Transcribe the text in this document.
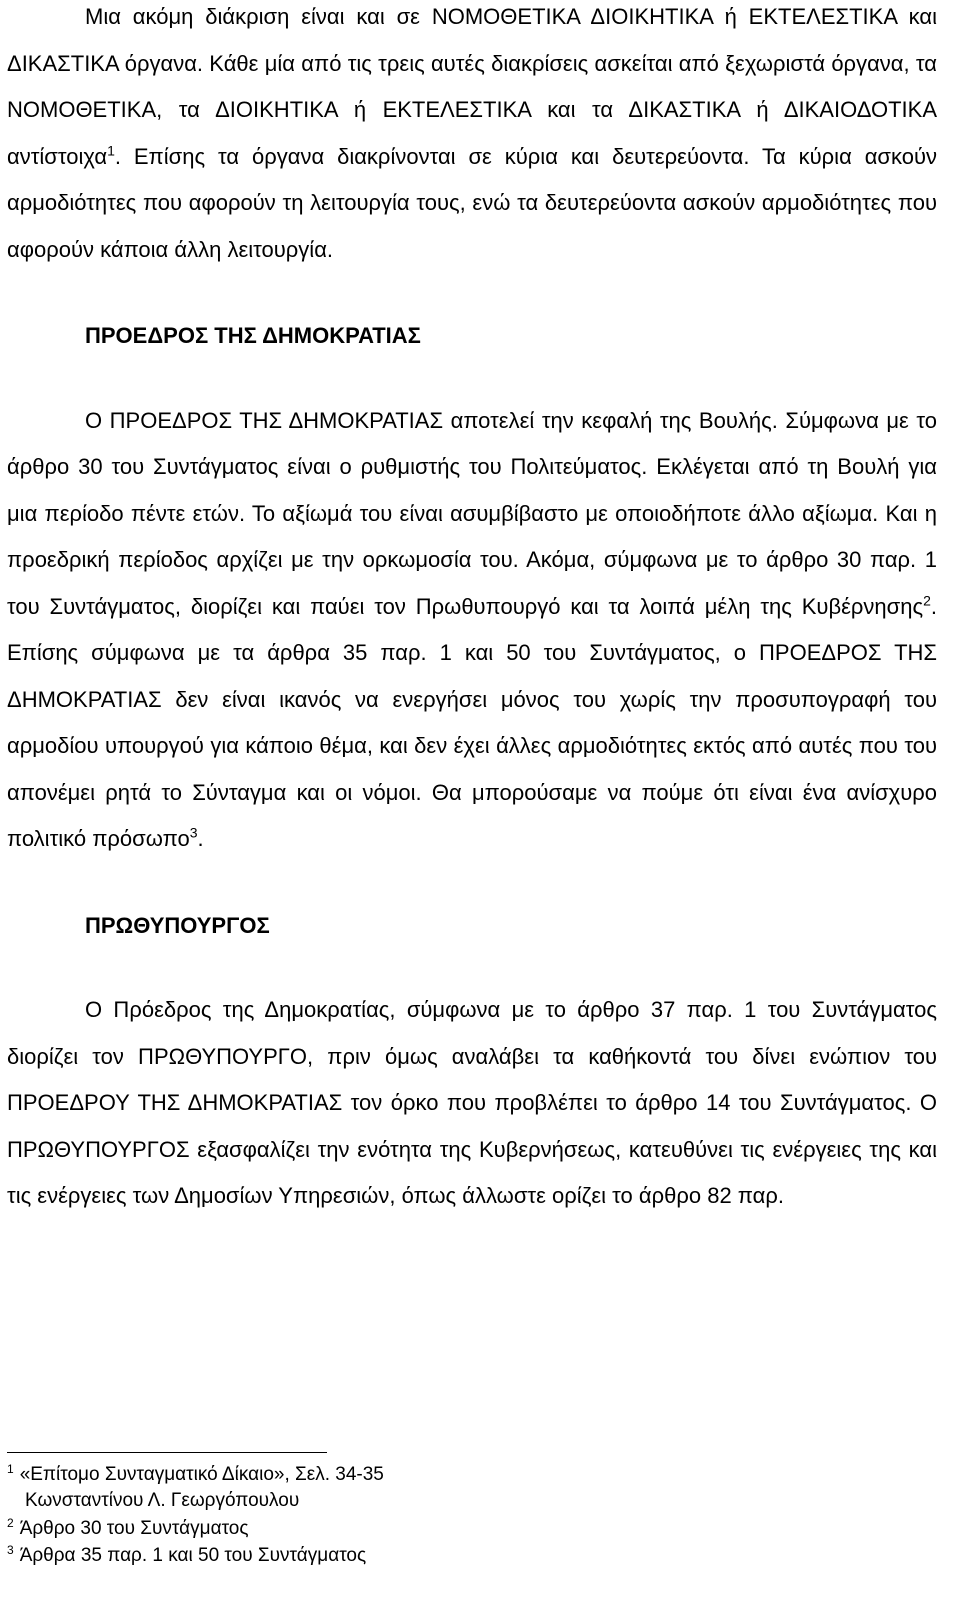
Μια ακόμη διάκριση είναι και σε ΝΟΜΟΘΕΤΙΚΑ ΔΙΟΙΚΗΤΙΚΑ ή ΕΚΤΕΛΕΣΤΙΚΑ και ΔΙΚΑΣΤΙΚΑ όργανα. Κάθε μία από τις τρεις αυτές διακρίσεις ασκείται από ξεχωριστά όργανα, τα ΝΟΜΟΘΕΤΙΚΑ, τα ΔΙΟΙΚΗΤΙΚΑ ή ΕΚΤΕΛΕΣΤΙΚΑ και τα ΔΙΚΑΣΤΙΚΑ ή ΔΙΚΑΙΟΔΟΤΙΚΑ αντίστοιχα$^1$. Επίσης τα όργανα διακρίνονται σε κύρια και δευτερεύοντα. Τα κύρια ασκούν αρμοδιότητες που αφορούν τη λειτουργία τους, ενώ τα δευτερεύοντα ασκούν αρμοδιότητες που αφορούν κάποια άλλη λειτουργία.

ΠΡΟΕΔΡΟΣ ΤΗΣ ΔΗΜΟΚΡΑΤΙΑΣ

Ο ΠΡΟΕΔΡΟΣ ΤΗΣ ΔΗΜΟΚΡΑΤΙΑΣ αποτελεί την κεφαλή της Βουλής. Σύμφωνα με το άρθρο 30 του Συντάγματος είναι ο ρυθμιστής του Πολιτεύματος. Εκλέγεται από τη Βουλή για μια περίοδο πέντε ετών. Το αξίωμά του είναι ασυμβίβαστο με οποιοδήποτε άλλο αξίωμα. Και η προεδρική περίοδος αρχίζει με την ορκωμοσία του. Ακόμα, σύμφωνα με το άρθρο 30 παρ. 1 του Συντάγματος, διορίζει και παύει τον Πρωθυπουργό και τα λοιπά μέλη της Κυβέρνησης$^2$. Επίσης σύμφωνα με τα άρθρα 35 παρ. 1 και 50 του Συντάγματος, ο ΠΡΟΕΔΡΟΣ ΤΗΣ ΔΗΜΟΚΡΑΤΙΑΣ δεν είναι ικανός να ενεργήσει μόνος του χωρίς την προσυπογραφή του αρμοδίου υπουργού για κάποιο θέμα, και δεν έχει άλλες αρμοδιότητες εκτός από αυτές που του απονέμει ρητά το Σύνταγμα και οι νόμοι. Θα μπορούσαμε να πούμε ότι είναι ένα ανίσχυρο πολιτικό πρόσωπο$^3$.

ΠΡΩΘΥΠΟΥΡΓΟΣ

Ο Πρόεδρος της Δημοκρατίας, σύμφωνα με το άρθρο 37 παρ. 1 του Συντάγματος διορίζει τον ΠΡΩΘΥΠΟΥΡΓΟ, πριν όμως αναλάβει τα καθήκοντά του δίνει ενώπιον του ΠΡΟΕΔΡΟΥ ΤΗΣ ΔΗΜΟΚΡΑΤΙΑΣ τον όρκο που προβλέπει το άρθρο 14 του Συντάγματος. Ο ΠΡΩΘΥΠΟΥΡΓΟΣ εξασφαλίζει την ενότητα της Κυβερνήσεως, κατευθύνει τις ενέργειες της και τις ενέργειες των Δημοσίων Υπηρεσιών, όπως άλλωστε ορίζει το άρθρο 82 παρ.

$^1$ «Επίτομο Συνταγματικό Δίκαιο», Σελ. 34-35
Κωνσταντίνου Λ. Γεωργόπουλου
$^2$ Άρθρο 30 του Συντάγματος
$^3$ Άρθρα 35 παρ. 1 και 50 του Συντάγματος
